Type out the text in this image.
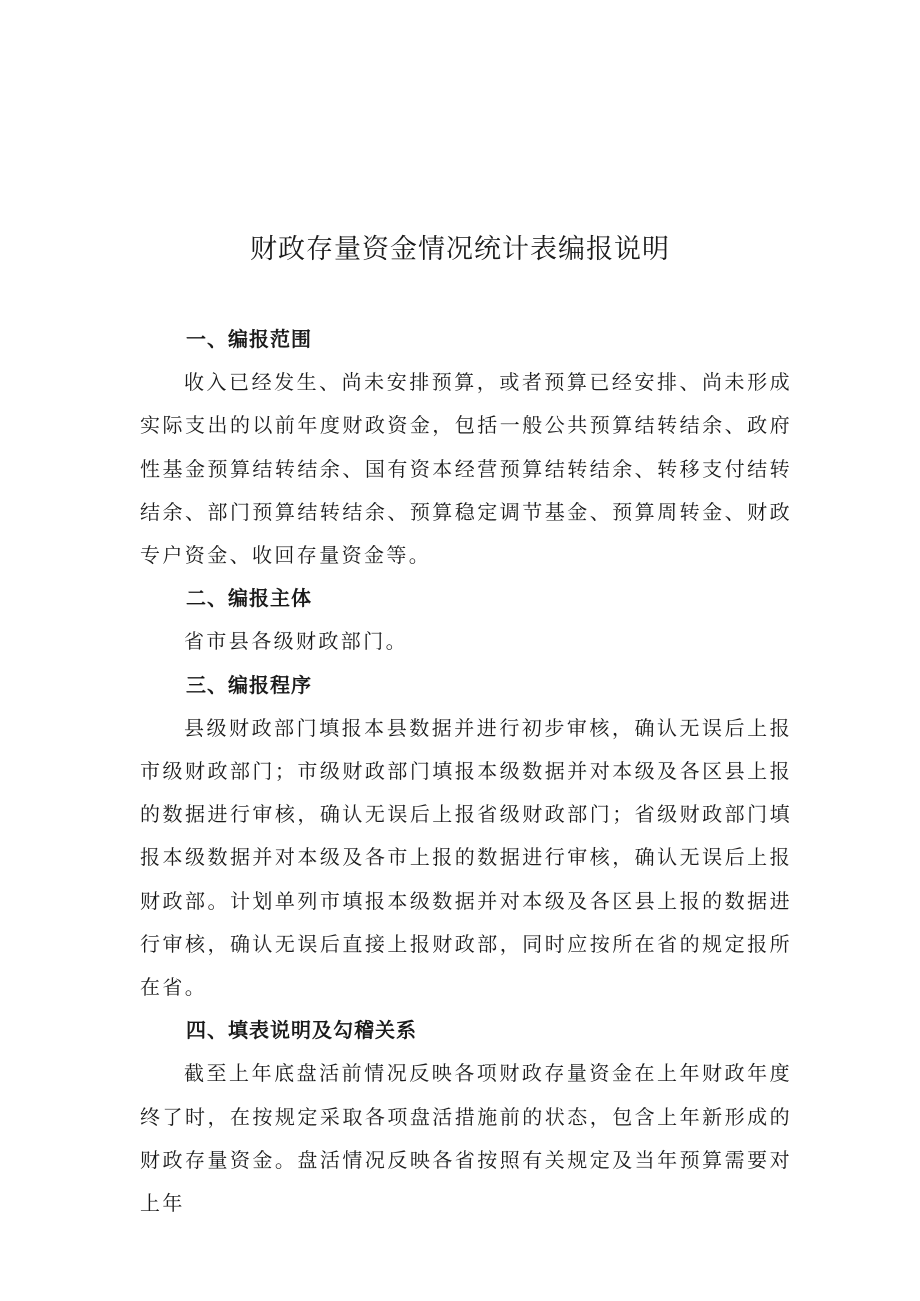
财政存量资金情况统计表编报说明
一、编报范围

收入已经发生、尚未安排预算，或者预算已经安排、尚未形成实际支出的以前年度财政资金，包括一般公共预算结转结余、政府性基金预算结转结余、国有资本经营预算结转结余、转移支付结转结余、部门预算结转结余、预算稳定调节基金、预算周转金、财政专户资金、收回存量资金等。

二、编报主体

省市县各级财政部门。

三、编报程序

县级财政部门填报本县数据并进行初步审核，确认无误后上报市级财政部门；市级财政部门填报本级数据并对本级及各区县上报的数据进行审核，确认无误后上报省级财政部门；省级财政部门填报本级数据并对本级及各市上报的数据进行审核，确认无误后上报财政部。计划单列市填报本级数据并对本级及各区县上报的数据进行审核，确认无误后直接上报财政部，同时应按所在省的规定报所在省。

四、填表说明及勾稽关系

截至上年底盘活前情况反映各项财政存量资金在上年财政年度终了时，在按规定采取各项盘活措施前的状态，包含上年新形成的财政存量资金。盘活情况反映各省按照有关规定及当年预算需要对上年
